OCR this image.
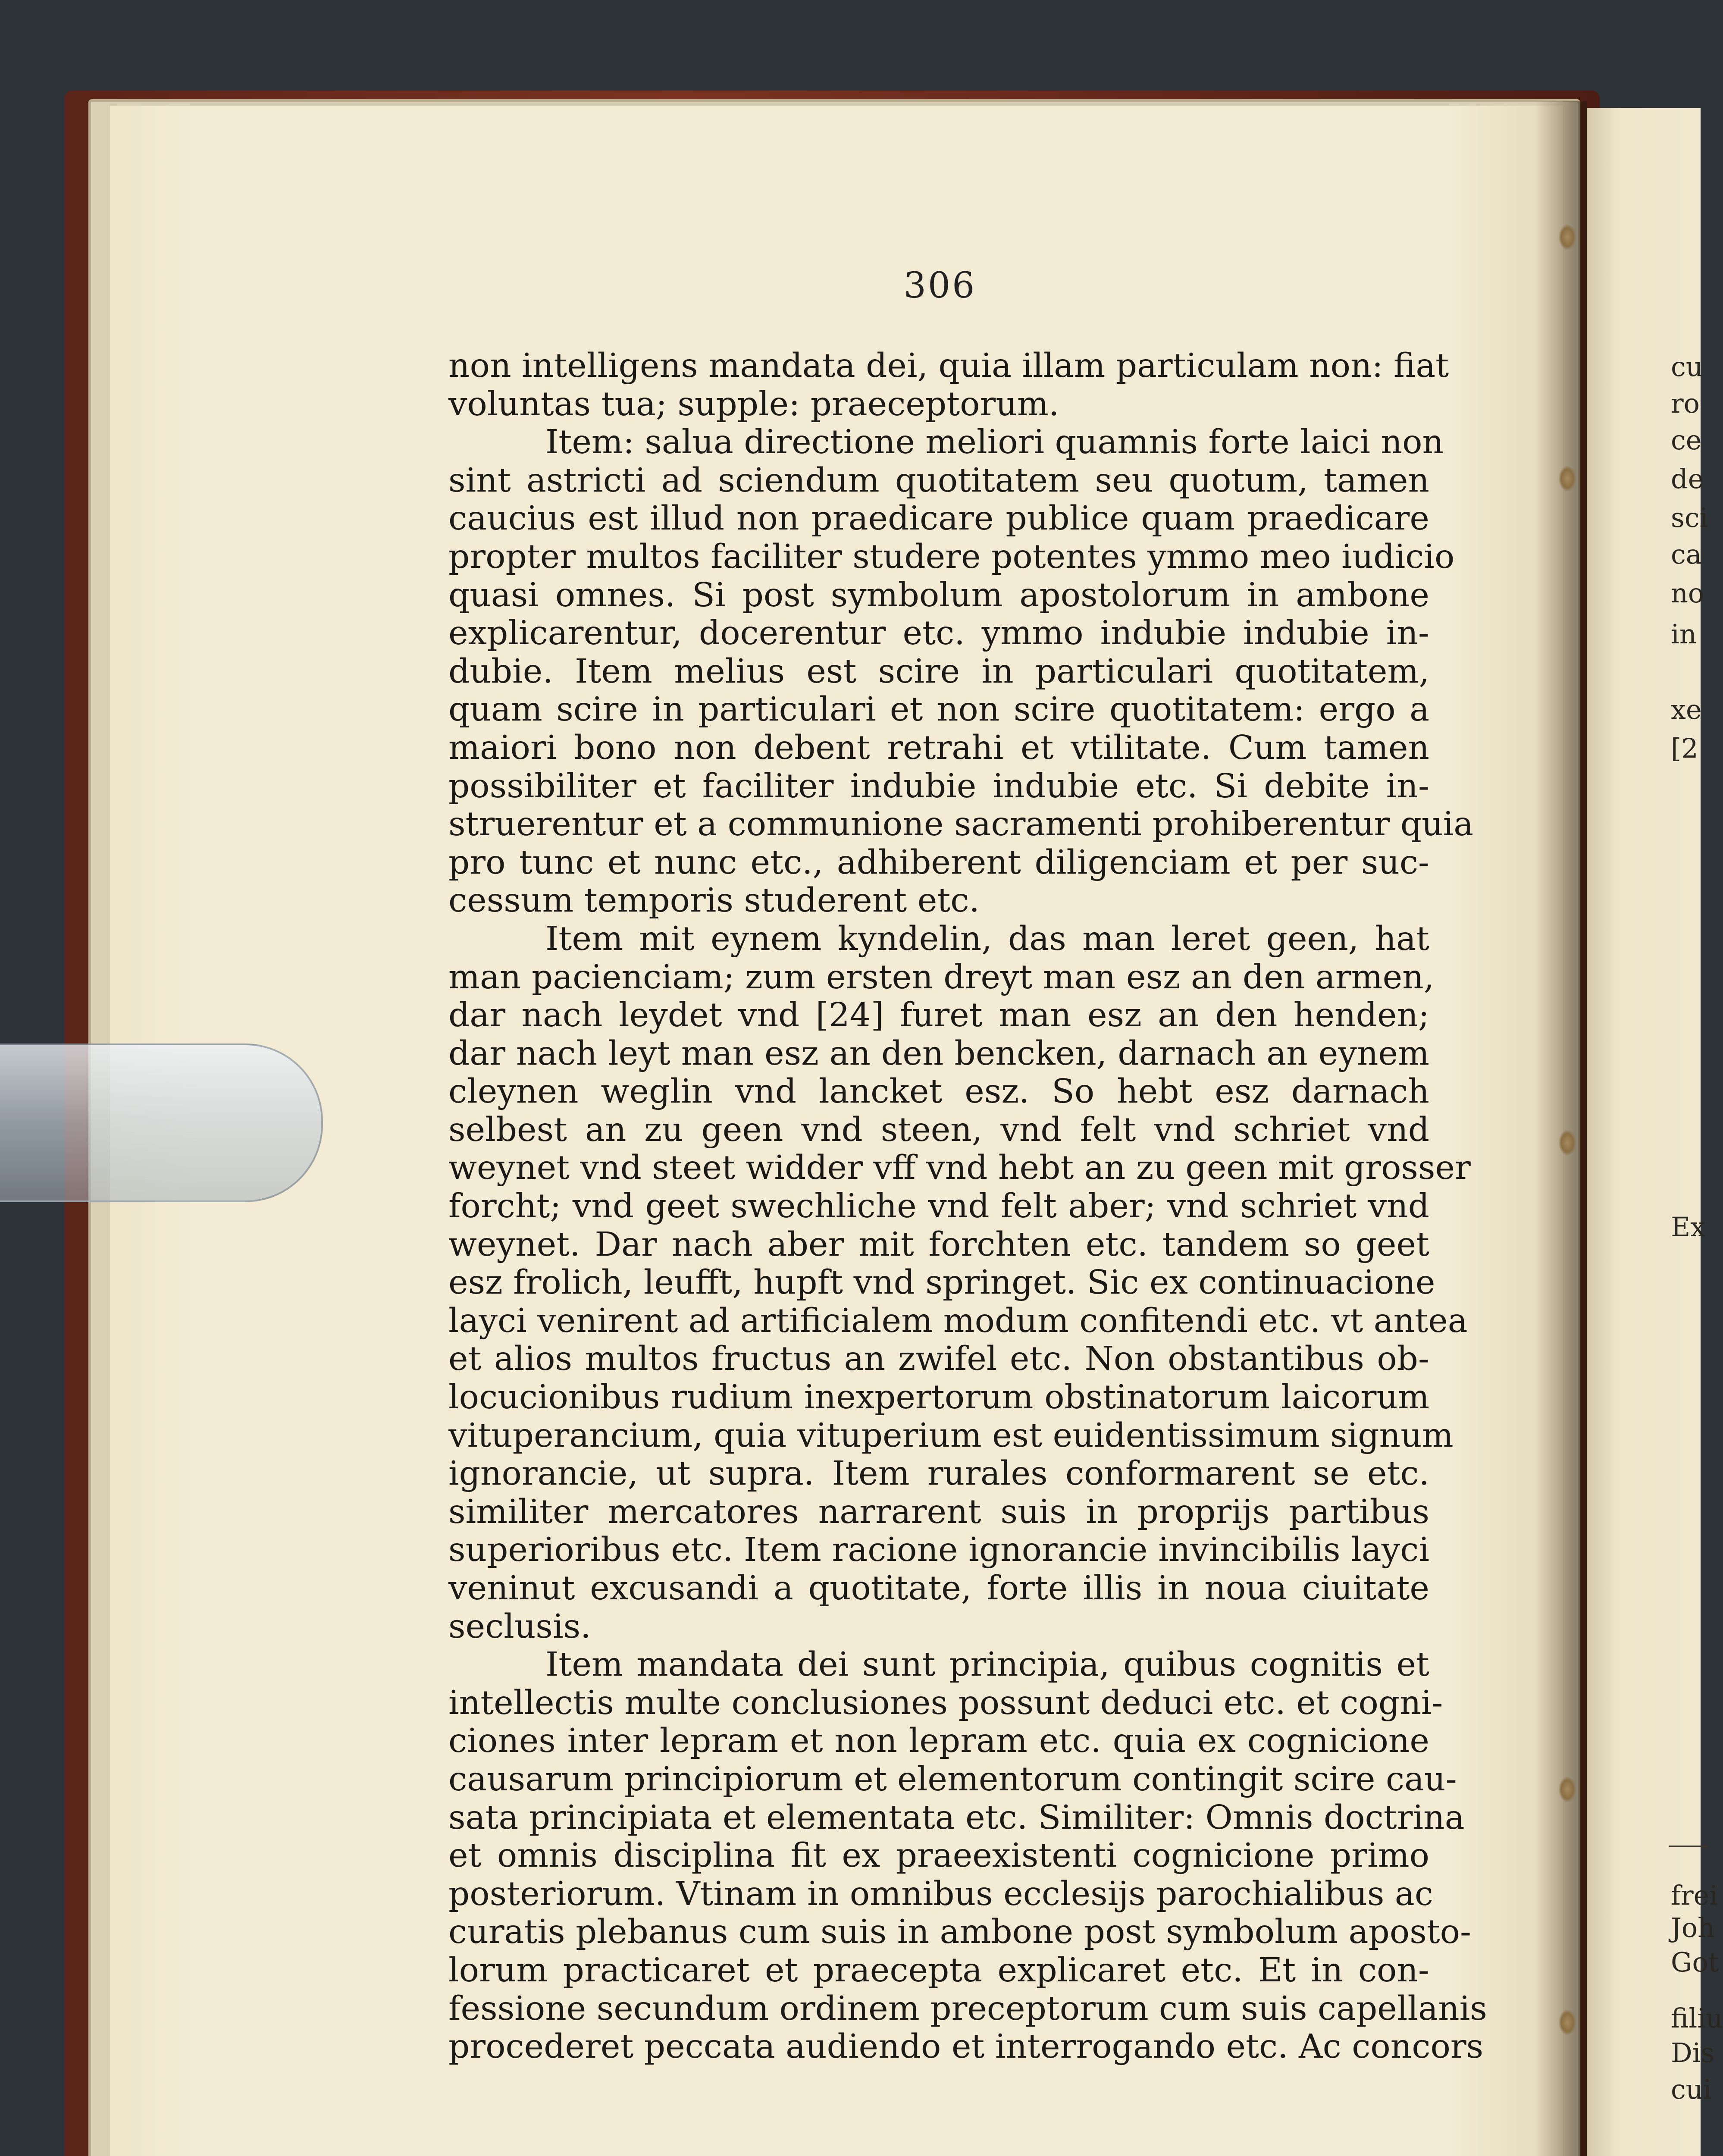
306
non intelligens mandata dei, quia illam particulam non: fiat
voluntas tua; supple: praeceptorum.
Item: salua directione meliori quamnis forte laici non
sint astricti ad sciendum quotitatem seu quotum, tamen
caucius est illud non praedicare publice quam praedicare
propter multos faciliter studere potentes ymmo meo iudicio
quasi omnes. Si post symbolum apostolorum in ambone
explicarentur, docerentur etc. ymmo indubie indubie in-
dubie. Item melius est scire in particulari quotitatem,
quam scire in particulari et non scire quotitatem: ergo a
maiori bono non debent retrahi et vtilitate. Cum tamen
possibiliter et faciliter indubie indubie etc. Si debite in-
struerentur et a communione sacramenti prohiberentur quia
pro tunc et nunc etc., adhiberent diligenciam et per suc-
cessum temporis studerent etc.
Item mit eynem kyndelin, das man leret geen, hat
man pacienciam; zum ersten dreyt man esz an den armen,
dar nach leydet vnd [24] furet man esz an den henden;
dar nach leyt man esz an den bencken, darnach an eynem
cleynen weglin vnd lancket esz. So hebt esz darnach
selbest an zu geen vnd steen, vnd felt vnd schriet vnd
weynet vnd steet widder vff vnd hebt an zu geen mit grosser
forcht; vnd geet swechliche vnd felt aber; vnd schriet vnd
weynet. Dar nach aber mit forchten etc. tandem so geet
esz frolich, leufft, hupft vnd springet. Sic ex continuacione
layci venirent ad artificialem modum confitendi etc. vt antea
et alios multos fructus an zwifel etc. Non obstantibus ob-
locucionibus rudium inexpertorum obstinatorum laicorum
vituperancium, quia vituperium est euidentissimum signum
ignorancie, ut supra. Item rurales conformarent se etc.
similiter mercatores narrarent suis in proprijs partibus
superioribus etc. Item racione ignorancie invincibilis layci
veninut excusandi a quotitate, forte illis in noua ciuitate
seclusis.
Item mandata dei sunt principia, quibus cognitis et
intellectis multe conclusiones possunt deduci etc. et cogni-
ciones inter lepram et non lepram etc. quia ex cognicione
causarum principiorum et elementorum contingit scire cau-
sata principiata et elementata etc. Similiter: Omnis doctrina
et omnis disciplina fit ex praeexistenti cognicione primo
posteriorum. Vtinam in omnibus ecclesijs parochialibus ac
curatis plebanus cum suis in ambone post symbolum aposto-
lorum practicaret et praecepta explicaret etc. Et in con-
fessione secundum ordinem preceptorum cum suis capellanis
procederet peccata audiendo et interrogando etc. Ac concors
cu
ro
ce
de
sci
ca
no
in
xe
[2
Ex
frei
Joh
Got
filiu
Dis
cui
